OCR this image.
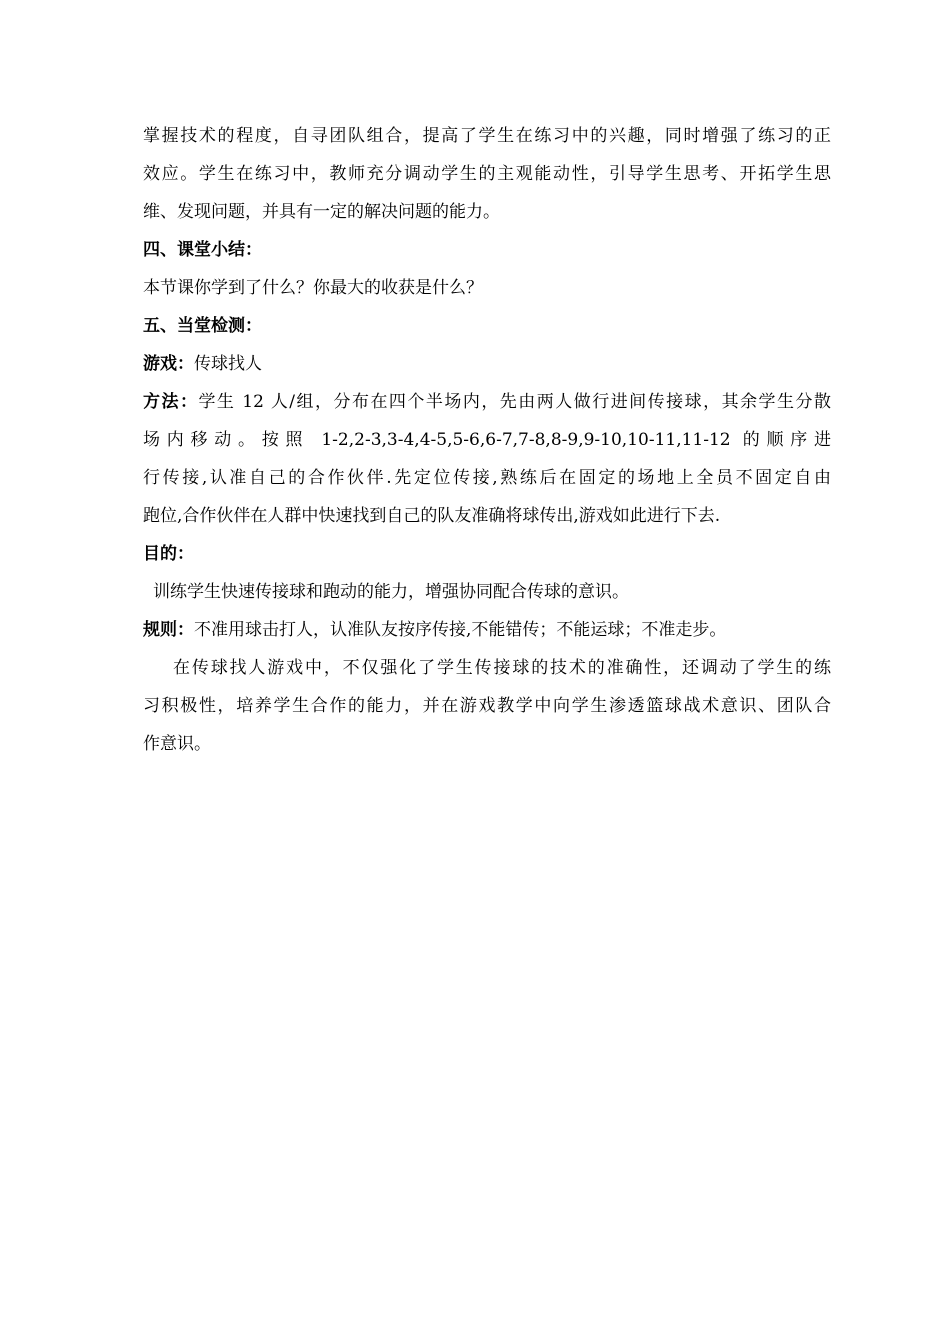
掌握技术的程度，自寻团队组合，提高了学生在练习中的兴趣，同时增强了练习的正
效应。学生在练习中，教师充分调动学生的主观能动性，引导学生思考、开拓学生思
维、发现问题，并具有一定的解决问题的能力。
四、课堂小结：
本节课你学到了什么？你最大的收获是什么？
五、当堂检测：
游戏：传球找人
方法：学生 12 人/组，分布在四个半场内，先由两人做行进间传接球，其余学生分散
场内移动。按照 1-2,2-3,3-4,4-5,5-6,6-7,7-8,8-9,9-10,10-11,11-12 的顺序进
行传接,认准自己的合作伙伴.先定位传接,熟练后在固定的场地上全员不固定自由
跑位,合作伙伴在人群中快速找到自己的队友准确将球传出,游戏如此进行下去.
目的：
训练学生快速传接球和跑动的能力，增强协同配合传球的意识。
规则：不准用球击打人，认准队友按序传接,不能错传；不能运球；不准走步。
在传球找人游戏中，不仅强化了学生传接球的技术的准确性，还调动了学生的练
习积极性，培养学生合作的能力，并在游戏教学中向学生渗透篮球战术意识、团队合
作意识。
